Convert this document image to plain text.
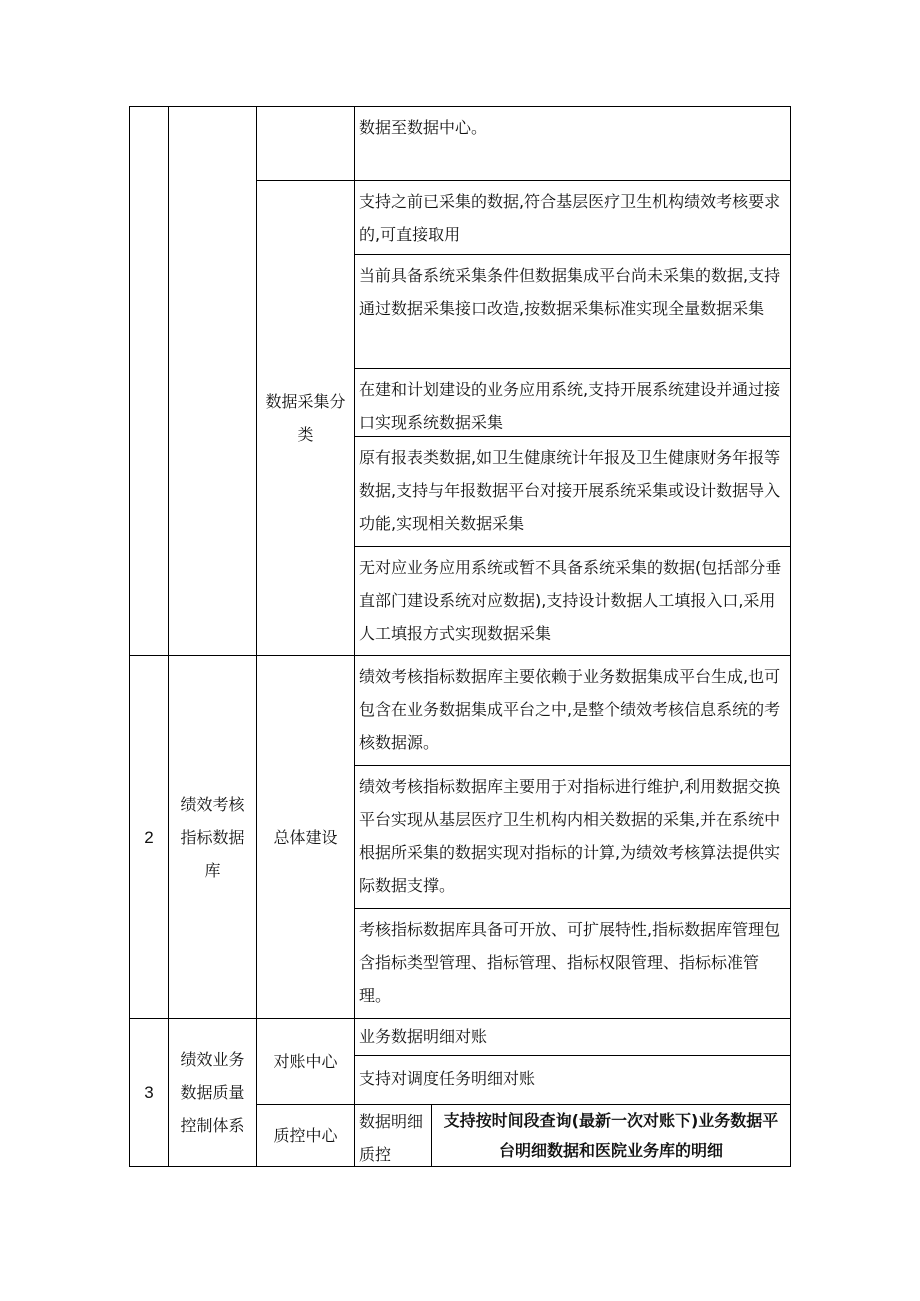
数据至数据中心。
数据采集分类
支持之前已采集的数据,符合基层医疗卫生机构绩效考核要求的,可直接取用
当前具备系统采集条件但数据集成平台尚未采集的数据,支持通过数据采集接口改造,按数据采集标准实现全量数据采集
在建和计划建设的业务应用系统,支持开展系统建设并通过接口实现系统数据采集
原有报表类数据,如卫生健康统计年报及卫生健康财务年报等数据,支持与年报数据平台对接开展系统采集或设计数据导入功能,实现相关数据采集
无对应业务应用系统或暂不具备系统采集的数据(包括部分垂直部门建设系统对应数据),支持设计数据人工填报入口,采用人工填报方式实现数据采集
2
绩效考核指标数据库
总体建设
绩效考核指标数据库主要依赖于业务数据集成平台生成,也可包含在业务数据集成平台之中,是整个绩效考核信息系统的考核数据源。
绩效考核指标数据库主要用于对指标进行维护,利用数据交换平台实现从基层医疗卫生机构内相关数据的采集,并在系统中根据所采集的数据实现对指标的计算,为绩效考核算法提供实际数据支撑。
考核指标数据库具备可开放、可扩展特性,指标数据库管理包含指标类型管理、指标管理、指标权限管理、指标标准管理。
3
绩效业务数据质量控制体系
对账中心
业务数据明细对账
支持对调度任务明细对账
质控中心
数据明细质控
支持按时间段查询(最新一次对账下)业务数据平台明细数据和医院业务库的明细
